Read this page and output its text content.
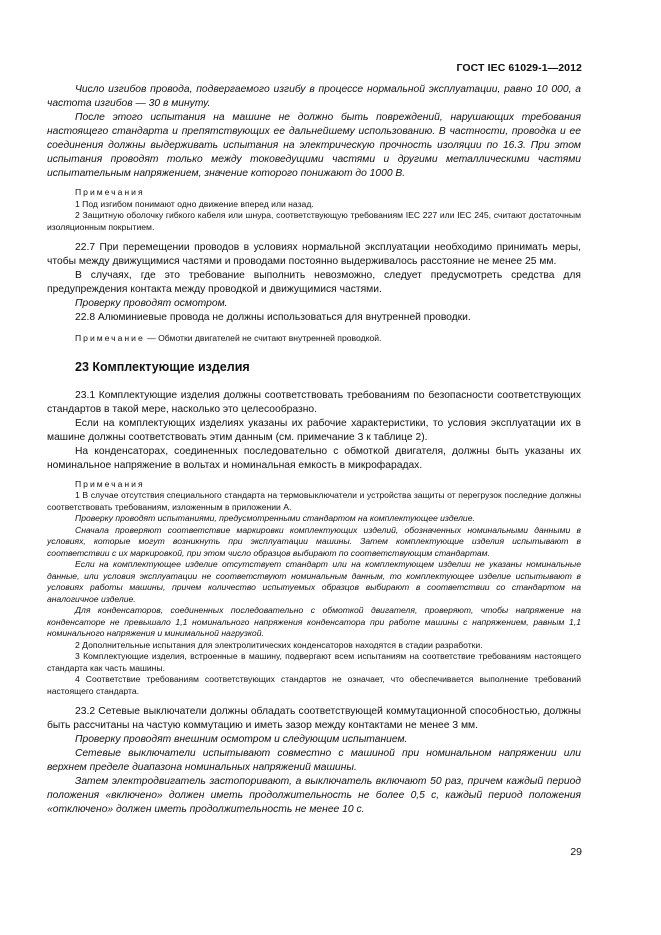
ГОСТ IEC 61029-1—2012

Число изгибов провода, подвергаемого изгибу в процессе нормальной эксплуатации, равно 10 000, а частота изгибов — 30 в минуту.

После этого испытания на машине не должно быть повреждений, нарушающих требования настоящего стандарта и препятствующих ее дальнейшему использованию. В частности, проводка и ее соединения должны выдерживать испытания на электрическую прочность изоляции по 16.3. При этом испытания проводят только между токоведущими частями и другими металлическими частями испытательным напряжением, значение которого понижают до 1000 В.

Примечания

1 Под изгибом понимают одно движение вперед или назад.

2 Защитную оболочку гибкого кабеля или шнура, соответствующую требованиям IEC 227 или IEC 245, считают достаточным изоляционным покрытием.

22.7 При перемещении проводов в условиях нормальной эксплуатации необходимо принимать меры, чтобы между движущимися частями и проводами постоянно выдерживалось расстояние не менее 25 мм.

В случаях, где это требование выполнить невозможно, следует предусмотреть средства для предупреждения контакта между проводкой и движущимися частями.

Проверку проводят осмотром.

22.8 Алюминиевые провода не должны использоваться для внутренней проводки.

Примечание — Обмотки двигателей не считают внутренней проводкой.

23 Комплектующие изделия

23.1 Комплектующие изделия должны соответствовать требованиям по безопасности соответствующих стандартов в такой мере, насколько это целесообразно.

Если на комплектующих изделиях указаны их рабочие характеристики, то условия эксплуатации их в машине должны соответствовать этим данным (см. примечание 3 к таблице 2).

На конденсаторах, соединенных последовательно с обмоткой двигателя, должны быть указаны их номинальное напряжение в вольтах и номинальная емкость в микрофарадах.

Примечания

1 В случае отсутствия специального стандарта на термовыключатели и устройства защиты от перегрузок последние должны соответствовать требованиям, изложенным в приложении А.

Проверку проводят испытаниями, предусмотренными стандартом на комплектующее изделие.

Сначала проверяют соответствие маркировки комплектующих изделий, обозначенных номинальными данными в условиях, которые могут возникнуть при эксплуатации машины. Затем комплектующие изделия испытывают в соответствии с их маркировкой, при этом число образцов выбирают по соответствующим стандартам.

Если на комплектующее изделие отсутствует стандарт или на комплектующем изделии не указаны номинальные данные, или условия эксплуатации не соответствуют номинальным данным, то комплектующее изделие испытывают в условиях работы машины, причем количество испытуемых образцов выбирают в соответствии со стандартом на аналогичное изделие.

Для конденсаторов, соединенных последовательно с обмоткой двигателя, проверяют, чтобы напряжение на конденсаторе не превышало 1,1 номинального напряжения конденсатора при работе машины с напряжением, равным 1,1 номинального напряжения и минимальной нагрузкой.

2 Дополнительные испытания для электролитических конденсаторов находятся в стадии разработки.

3 Комплектующие изделия, встроенные в машину, подвергают всем испытаниям на соответствие требованиям настоящего стандарта как часть машины.

4 Соответствие требованиям соответствующих стандартов не означает, что обеспечивается выполнение требований настоящего стандарта.

23.2 Сетевые выключатели должны обладать соответствующей коммутационной способностью, должны быть рассчитаны на частую коммутацию и иметь зазор между контактами не менее 3 мм.

Проверку проводят внешним осмотром и следующим испытанием.

Сетевые выключатели испытывают совместно с машиной при номинальном напряжении или верхнем пределе диапазона номинальных напряжений машины.

Затем электродвигатель застопоривают, а выключатель включают 50 раз, причем каждый период положения «включено» должен иметь продолжительность не более 0,5 с, каждый период положения «отключено» должен иметь продолжительность не менее 10 с.

29
